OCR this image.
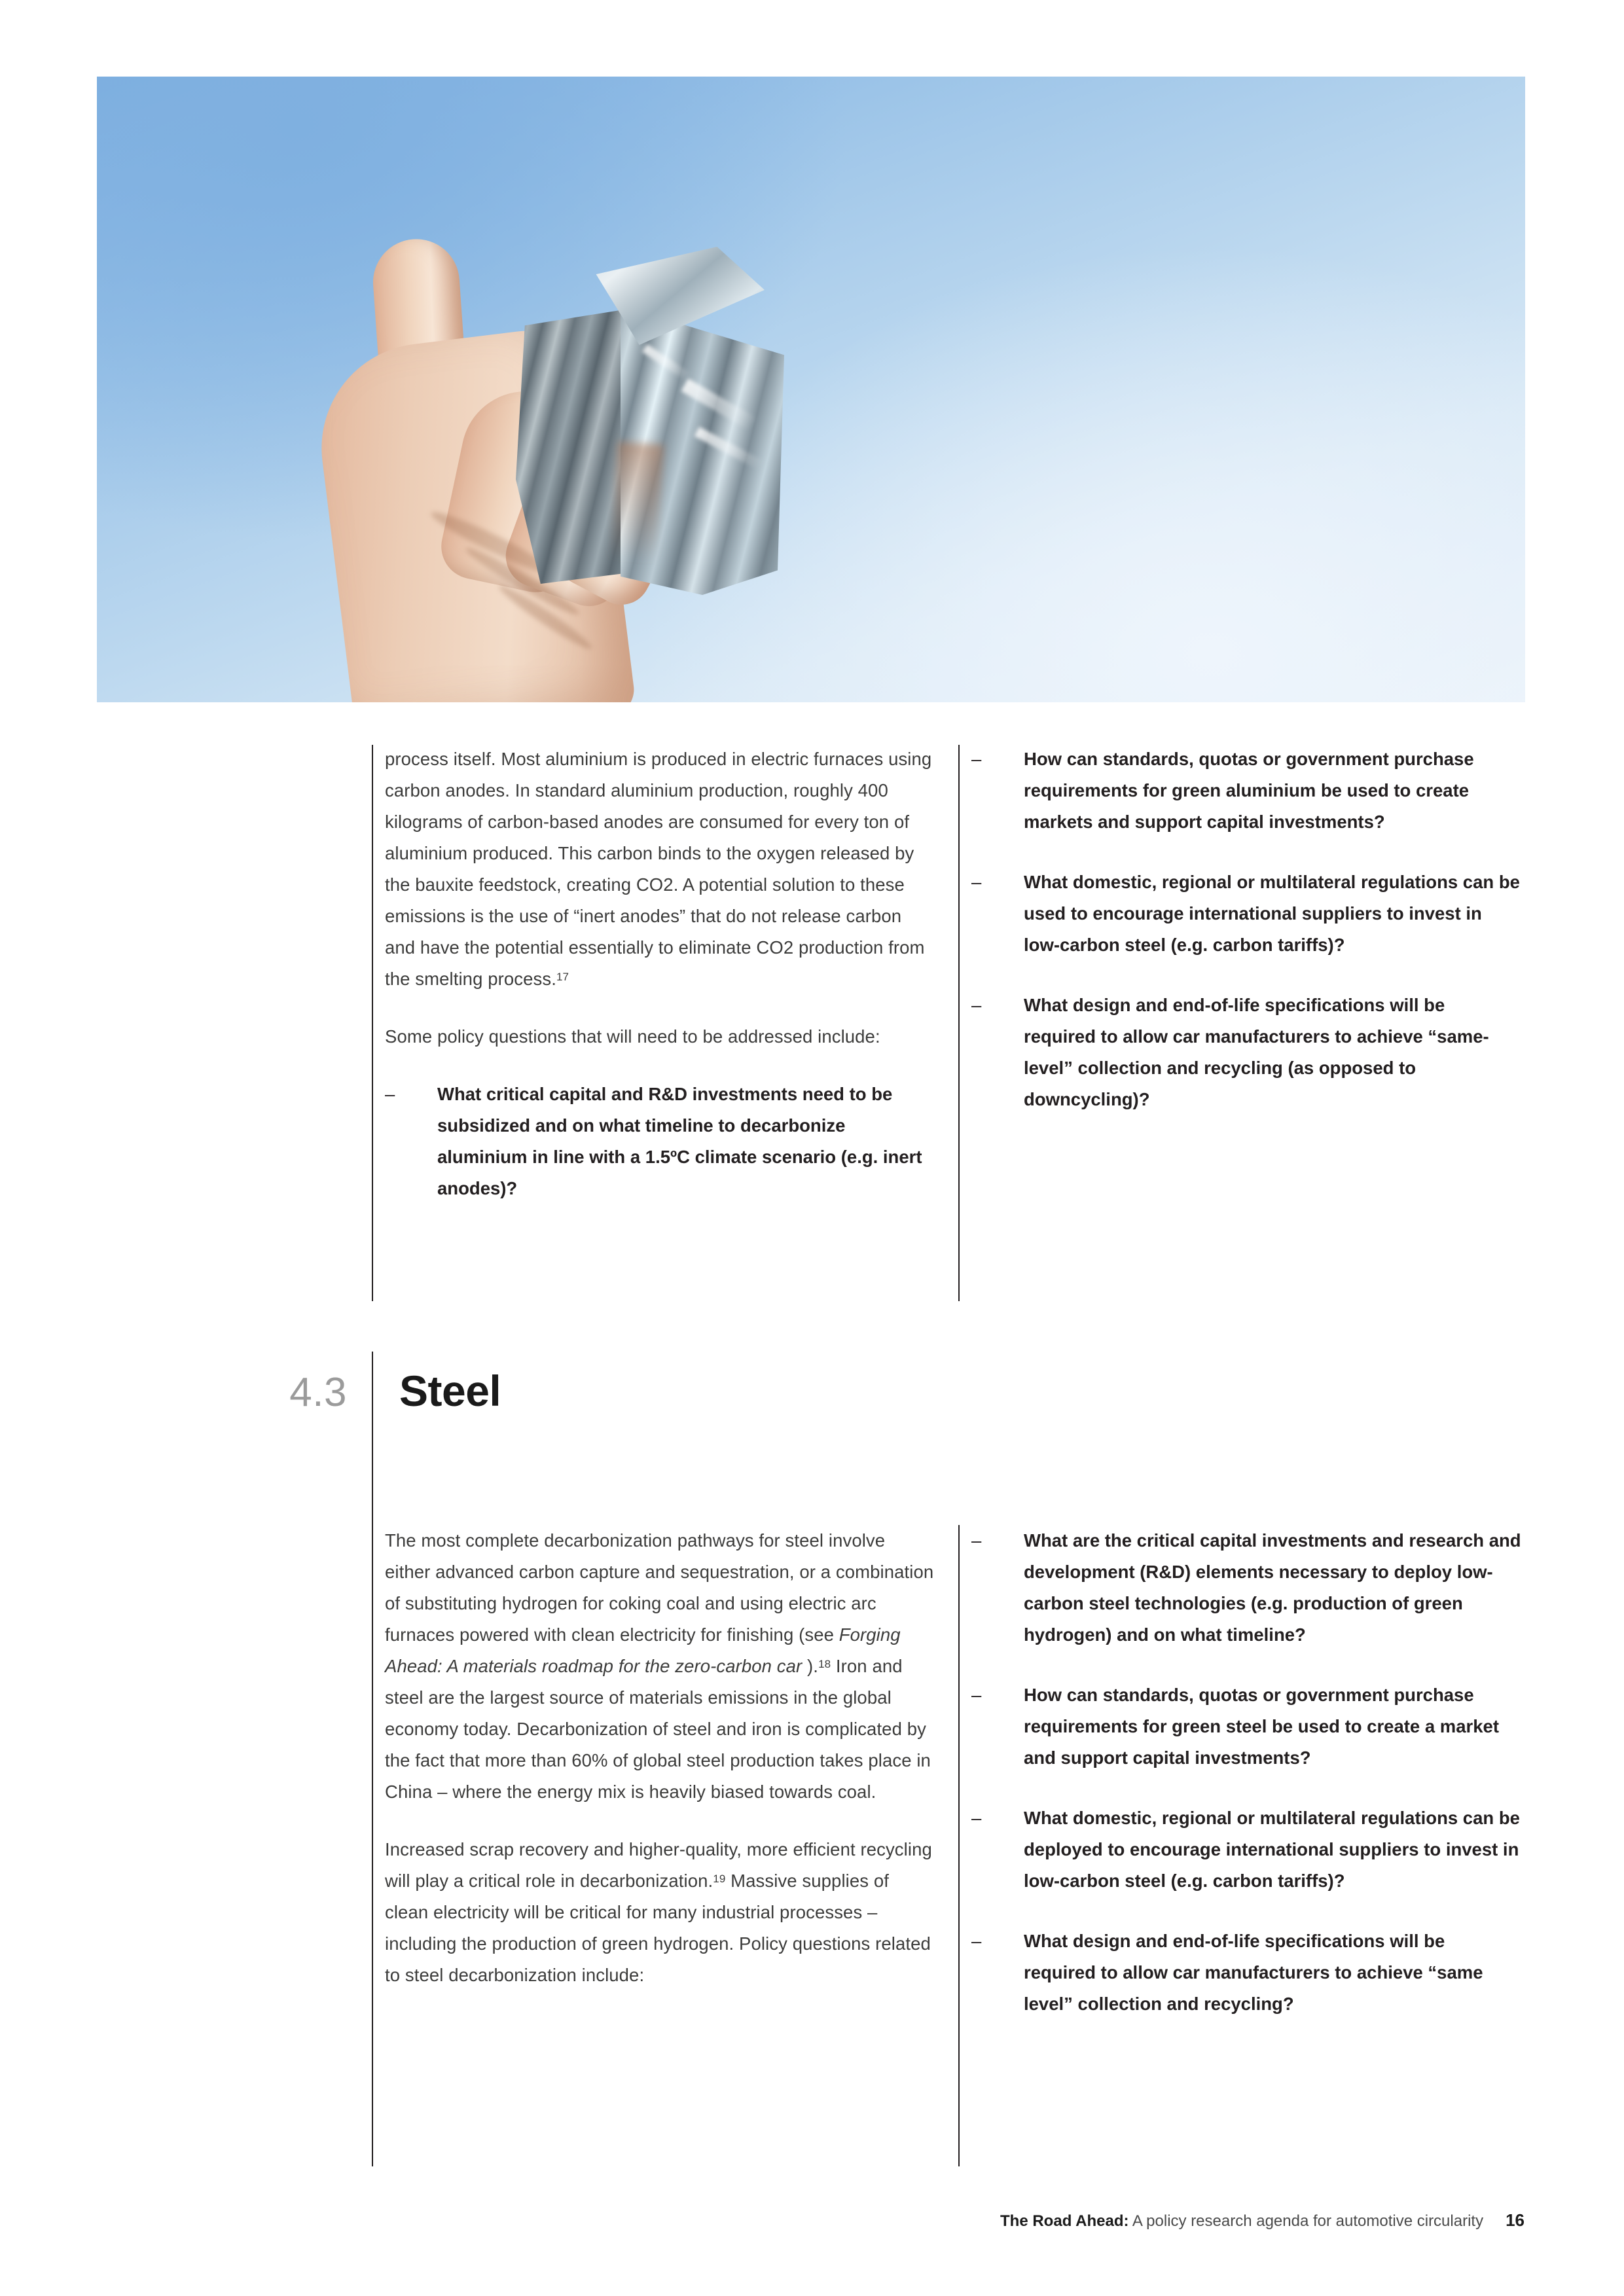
process itself. Most aluminium is produced in electric furnaces using carbon anodes. In standard aluminium production, roughly 400 kilograms of carbon-based anodes are consumed for every ton of aluminium produced. This carbon binds to the oxygen released by the bauxite feedstock, creating CO2. A potential solution to these emissions is the use of “inert anodes” that do not release carbon and have the potential essentially to eliminate CO2 production from the smelting process.$^{17}$

Some policy questions that will need to be addressed include:

– What critical capital and R&D investments need to be subsidized and on what timeline to decarbonize aluminium in line with a 1.5ºC climate scenario (e.g. inert anodes)?
– How can standards, quotas or government purchase requirements for green aluminium be used to create markets and support capital investments?
– What domestic, regional or multilateral regulations can be used to encourage international suppliers to invest in low-carbon steel (e.g. carbon tariffs)?
– What design and end-of-life specifications will be required to allow car manufacturers to achieve “same-level” collection and recycling (as opposed to downcycling)?
4.3	Steel

The most complete decarbonization pathways for steel involve either advanced carbon capture and sequestration, or a combination of substituting hydrogen for coking coal and using electric arc furnaces powered with clean electricity for finishing (see Forging Ahead: A materials roadmap for the zero-carbon car ).$^{18}$ Iron and steel are the largest source of materials emissions in the global economy today. Decarbonization of steel and iron is complicated by the fact that more than 60% of global steel production takes place in China – where the energy mix is heavily biased towards coal.

Increased scrap recovery and higher-quality, more efficient recycling will play a critical role in decarbonization.$^{19}$ Massive supplies of clean electricity will be critical for many industrial processes – including the production of green hydrogen. Policy questions related to steel decarbonization include:

– What are the critical capital investments and research and development (R&D) elements necessary to deploy low-carbon steel technologies (e.g. production of green hydrogen) and on what timeline?
– How can standards, quotas or government purchase requirements for green steel be used to create a market and support capital investments?
– What domestic, regional or multilateral regulations can be deployed to encourage international suppliers to invest in low-carbon steel (e.g. carbon tariffs)?
– What design and end-of-life specifications will be required to allow car manufacturers to achieve “same level” collection and recycling?
The Road Ahead: A policy research agenda for automotive circularity 16
